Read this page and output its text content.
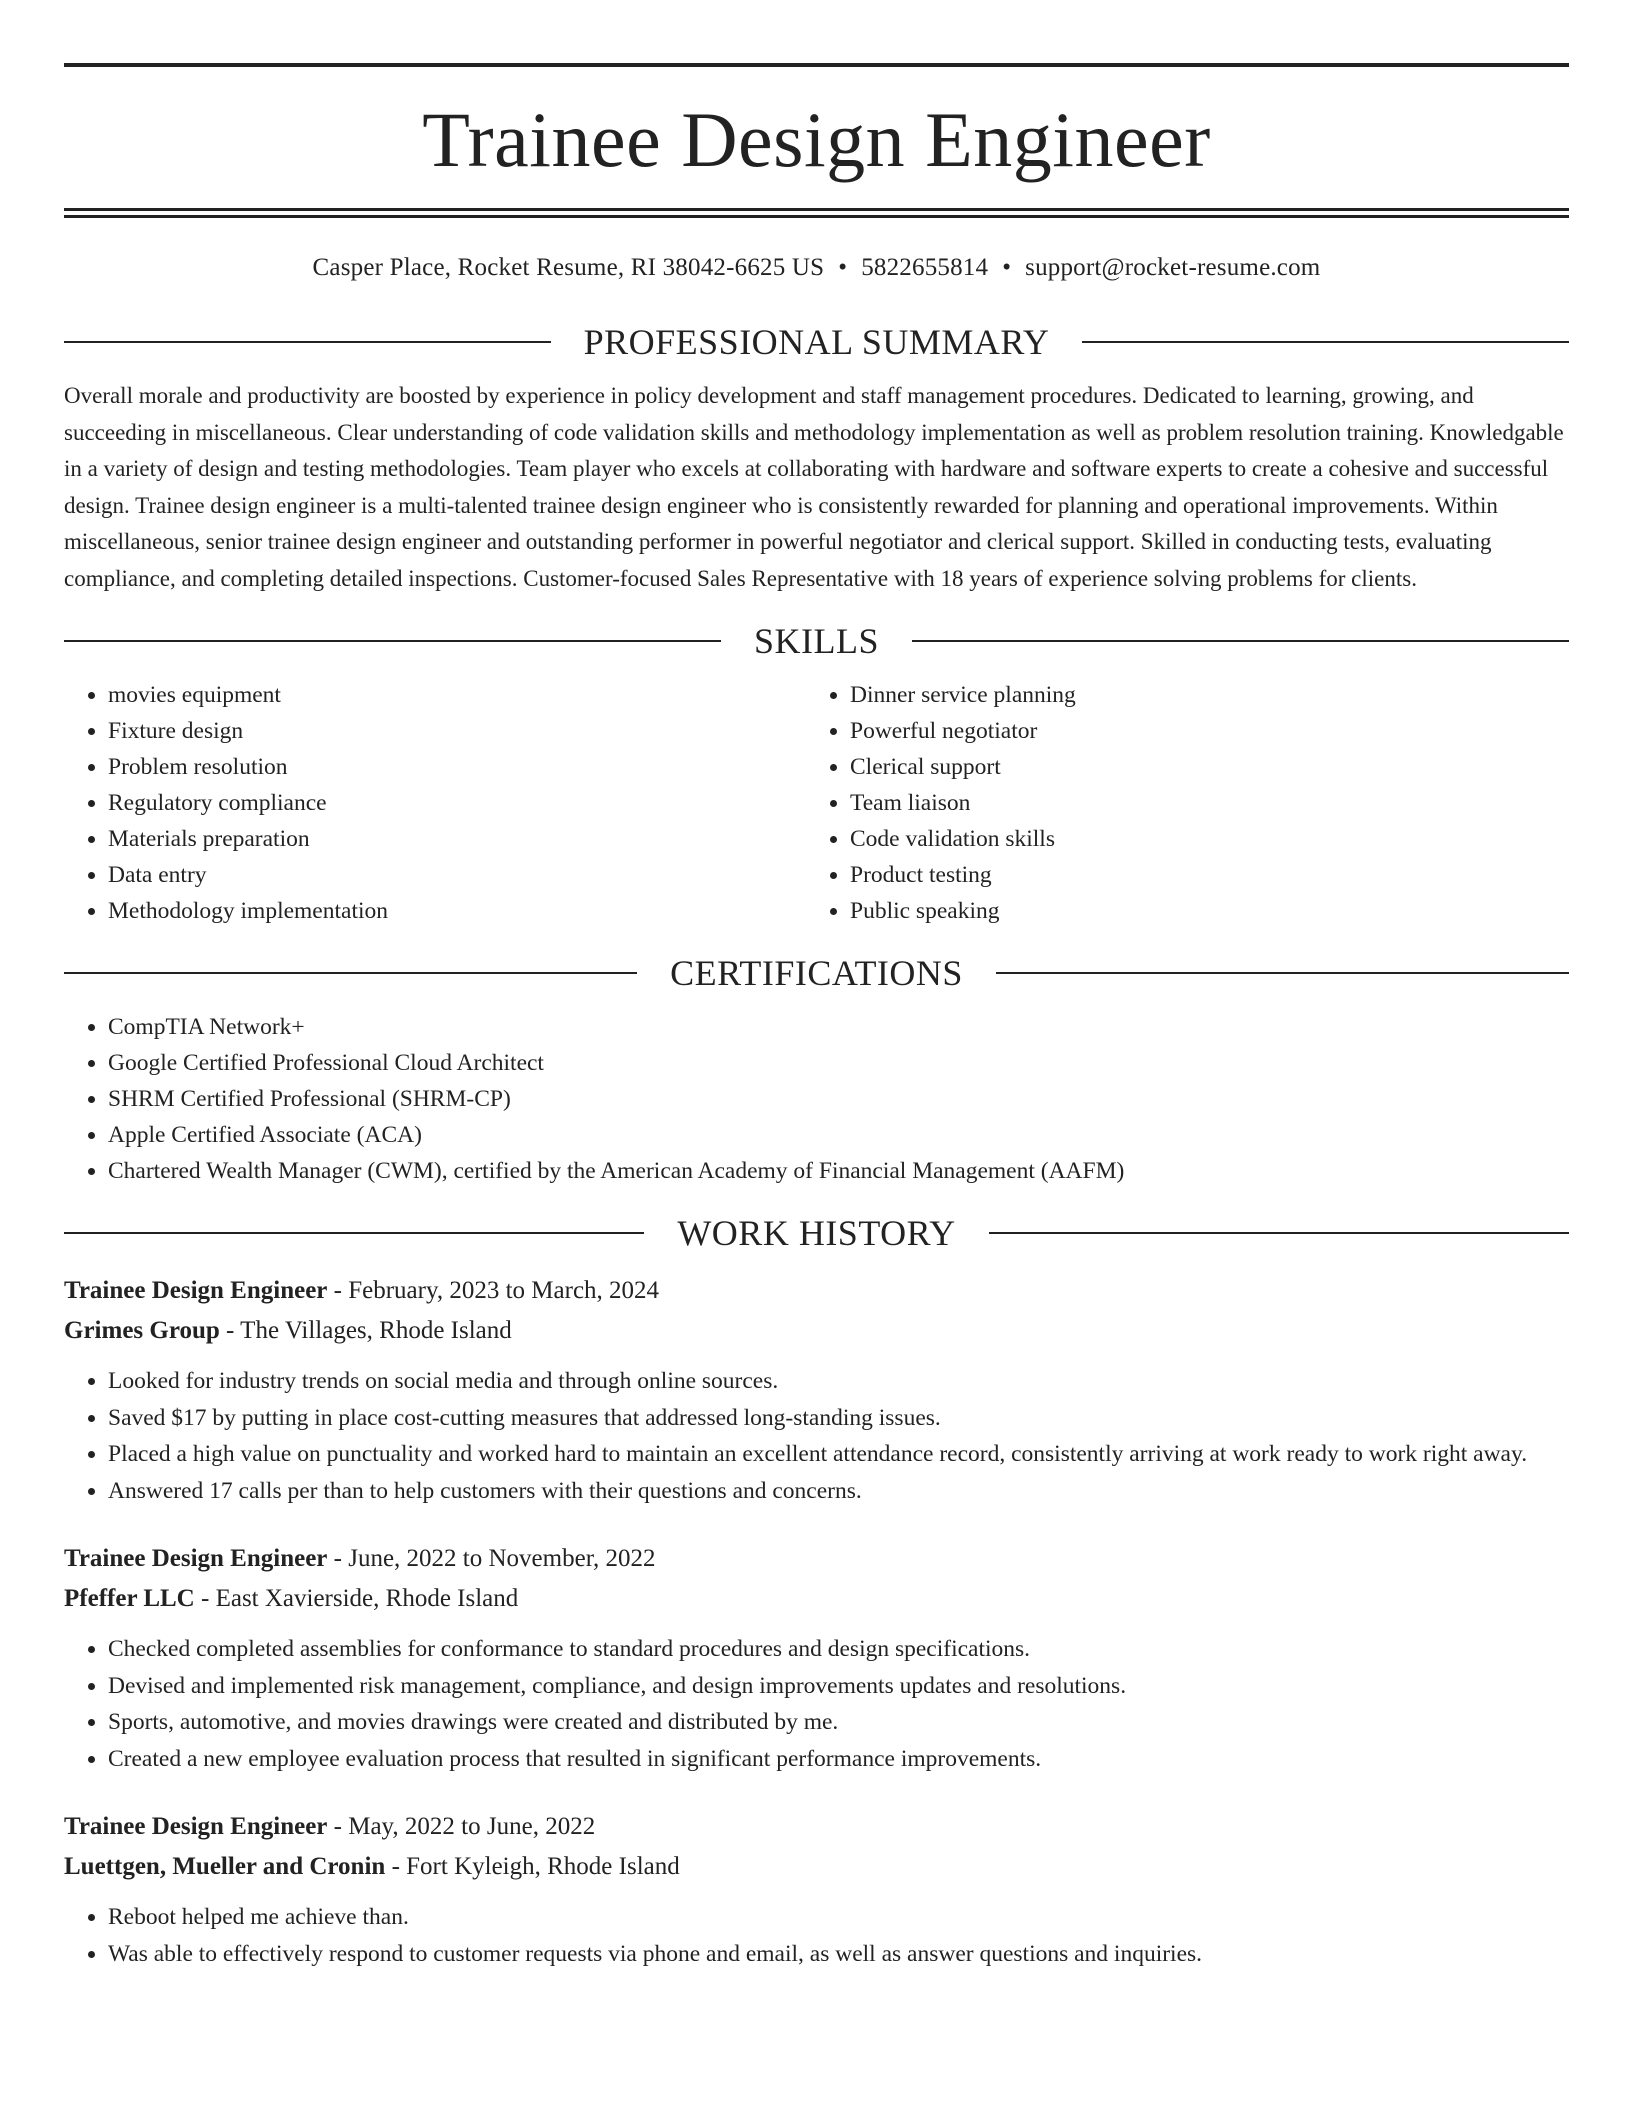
Trainee Design Engineer
Casper Place, Rocket Resume, RI 38042-6625 US • 5822655814 • support@rocket-resume.com
PROFESSIONAL SUMMARY

Overall morale and productivity are boosted by experience in policy development and staff management procedures. Dedicated to learning, growing, and succeeding in miscellaneous. Clear understanding of code validation skills and methodology implementation as well as problem resolution training. Knowledgable in a variety of design and testing methodologies. Team player who excels at collaborating with hardware and software experts to create a cohesive and successful design. Trainee design engineer is a multi-talented trainee design engineer who is consistently rewarded for planning and operational improvements. Within miscellaneous, senior trainee design engineer and outstanding performer in powerful negotiator and clerical support. Skilled in conducting tests, evaluating compliance, and completing detailed inspections. Customer-focused Sales Representative with 18 years of experience solving problems for clients.

SKILLS
• movies equipment
• Fixture design
• Problem resolution
• Regulatory compliance
• Materials preparation
• Data entry
• Methodology implementation
• Dinner service planning
• Powerful negotiator
• Clerical support
• Team liaison
• Code validation skills
• Product testing
• Public speaking
CERTIFICATIONS
• CompTIA Network+
• Google Certified Professional Cloud Architect
• SHRM Certified Professional (SHRM-CP)
• Apple Certified Associate (ACA)
• Chartered Wealth Manager (CWM), certified by the American Academy of Financial Management (AAFM)
WORK HISTORY
Trainee Design Engineer - February, 2023 to March, 2024
Grimes Group - The Villages, Rhode Island
• Looked for industry trends on social media and through online sources.
• Saved $17 by putting in place cost-cutting measures that addressed long-standing issues.
• Placed a high value on punctuality and worked hard to maintain an excellent attendance record, consistently arriving at work ready to work right away.
• Answered 17 calls per than to help customers with their questions and concerns.
Trainee Design Engineer - June, 2022 to November, 2022
Pfeffer LLC - East Xavierside, Rhode Island
• Checked completed assemblies for conformance to standard procedures and design specifications.
• Devised and implemented risk management, compliance, and design improvements updates and resolutions.
• Sports, automotive, and movies drawings were created and distributed by me.
• Created a new employee evaluation process that resulted in significant performance improvements.
Trainee Design Engineer - May, 2022 to June, 2022
Luettgen, Mueller and Cronin - Fort Kyleigh, Rhode Island
• Reboot helped me achieve than.
• Was able to effectively respond to customer requests via phone and email, as well as answer questions and inquiries.
